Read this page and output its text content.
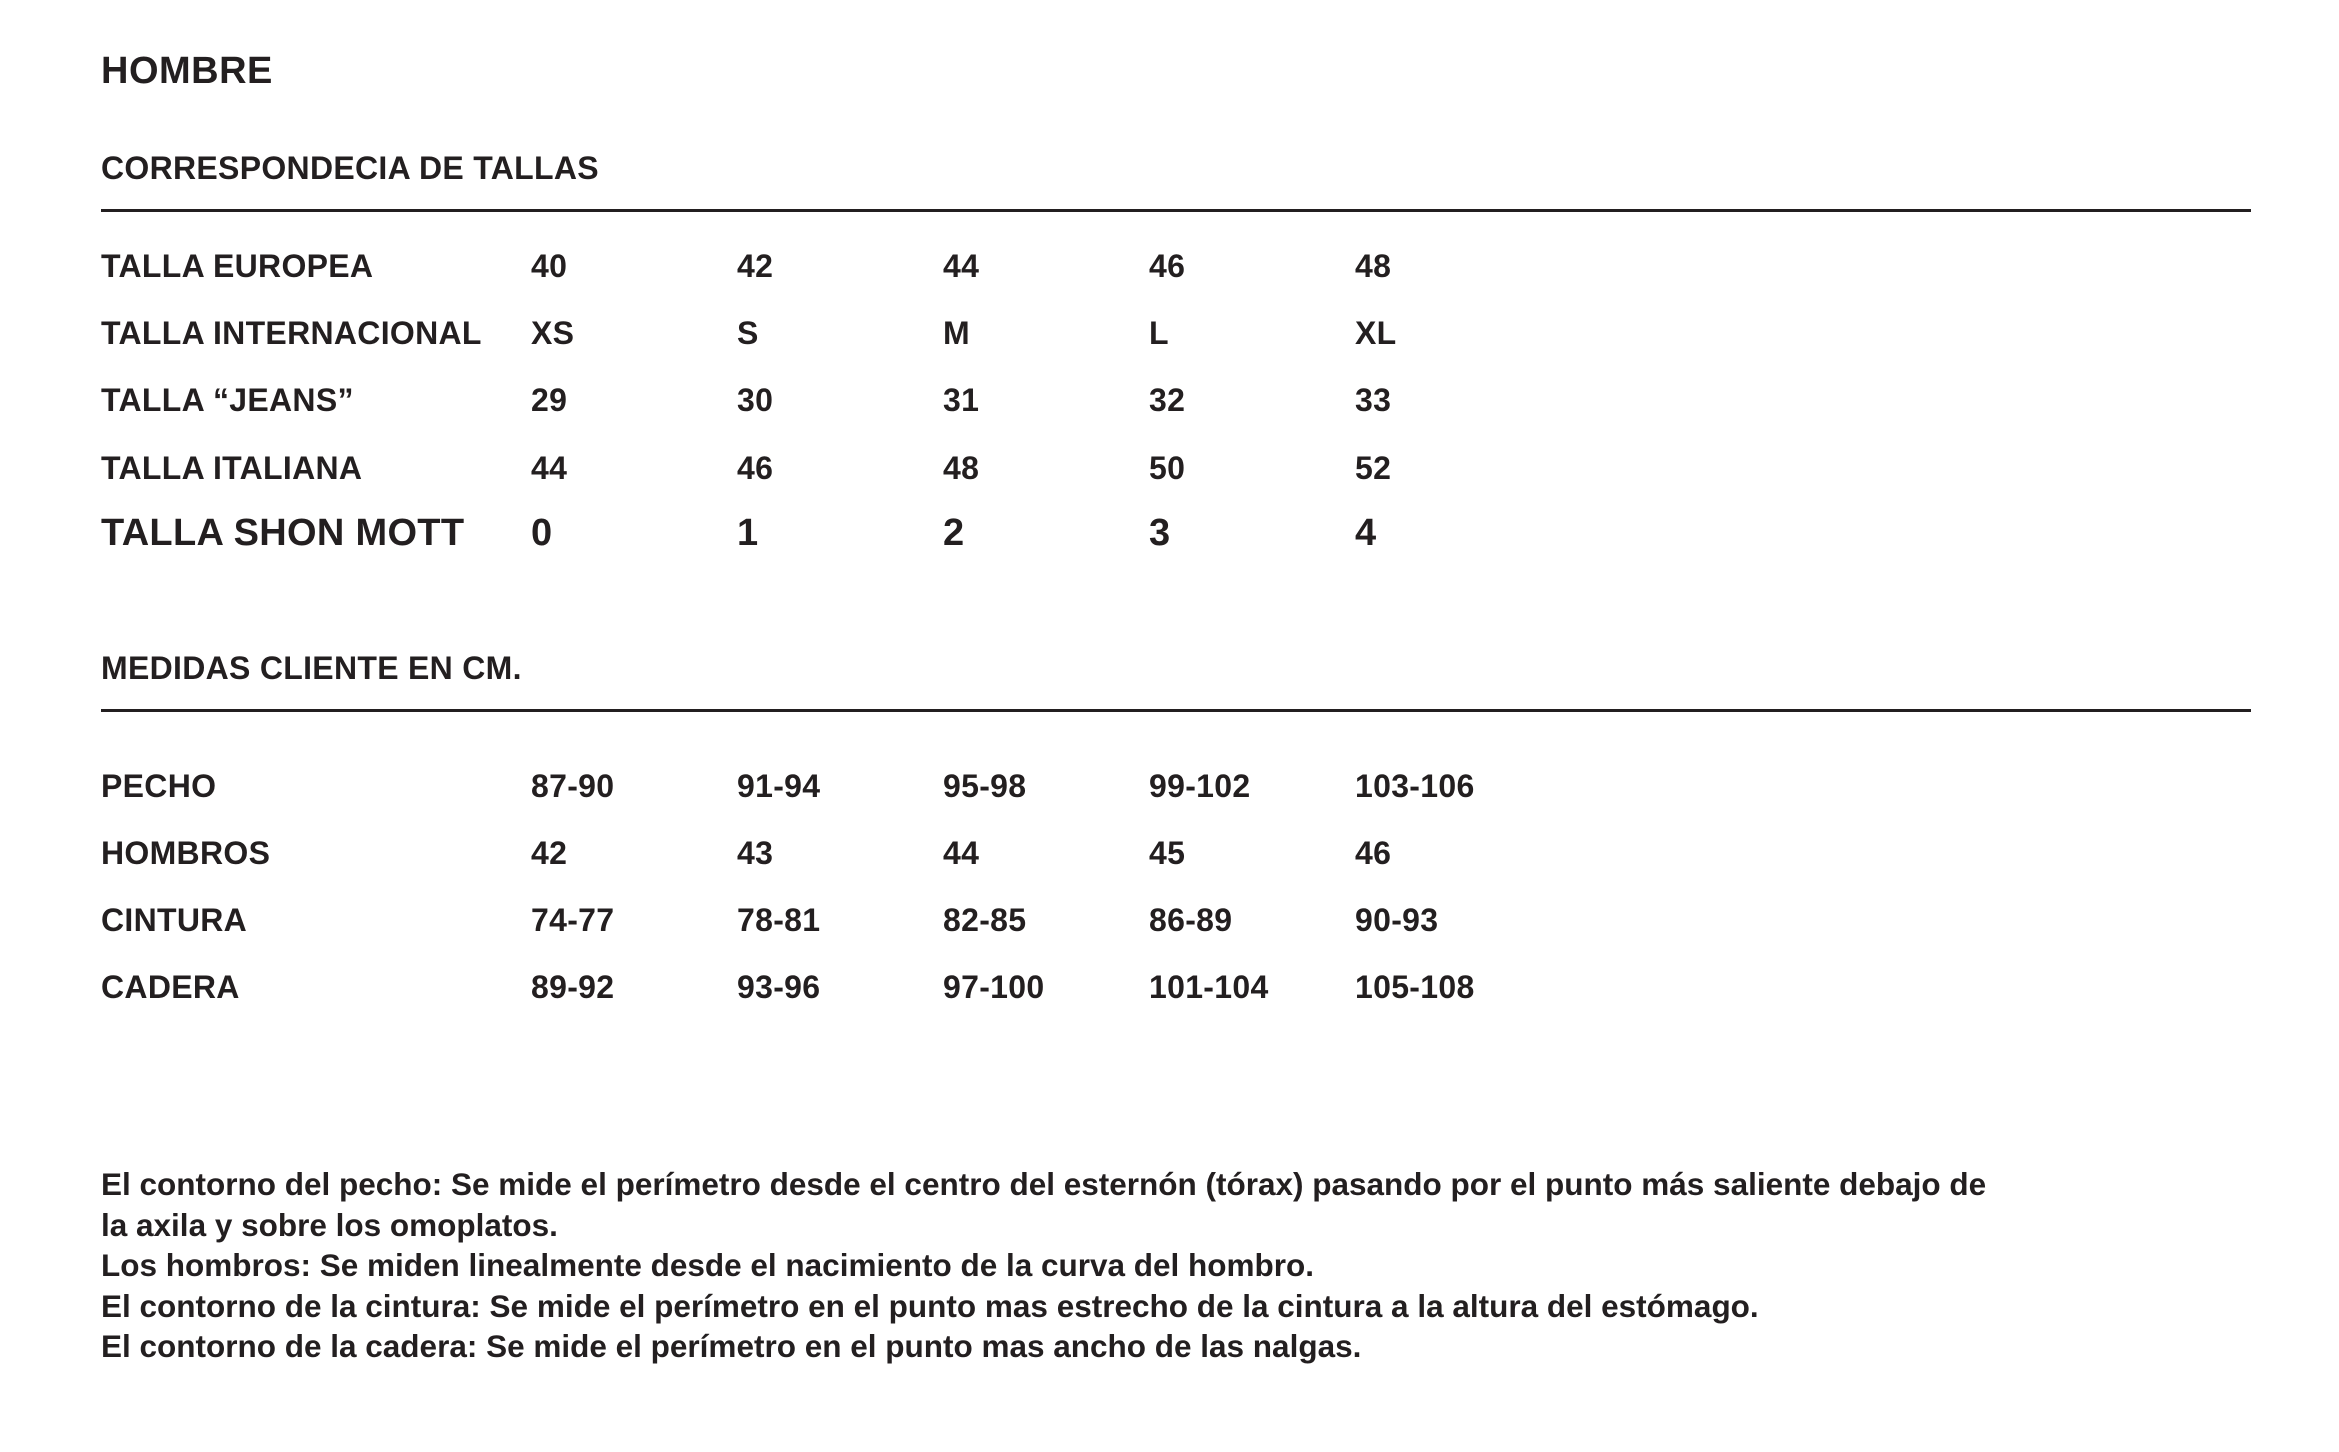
HOMBRE
CORRESPONDECIA DE TALLAS
TALLA EUROPEA	40	42	44	46	48
TALLA INTERNACIONAL XS	S	M	L	XL
TALLA “JEANS”	29	30	31	32	33
TALLA ITALIANA	44	46	48	50	52
TALLA SHON MOTT 0	1	2	3	4
MEDIDAS CLIENTE EN CM.
PECHO	87-90	91-94	95-98	99-102	103-106
HOMBROS	42	43	44	45	46
CINTURA	74-77	78-81	82-85	86-89	90-93
CADERA	89-92	93-96	97-100	101-104	105-108

El contorno del pecho: Se mide el perímetro desde el centro del esternón (tórax) pasando por el punto más saliente debajo de

la axila y sobre los omoplatos.

Los hombros: Se miden linealmente desde el nacimiento de la curva del hombro.

El contorno de la cintura: Se mide el perímetro en el punto mas estrecho de la cintura a la altura del estómago.

El contorno de la cadera: Se mide el perímetro en el punto mas ancho de las nalgas.
